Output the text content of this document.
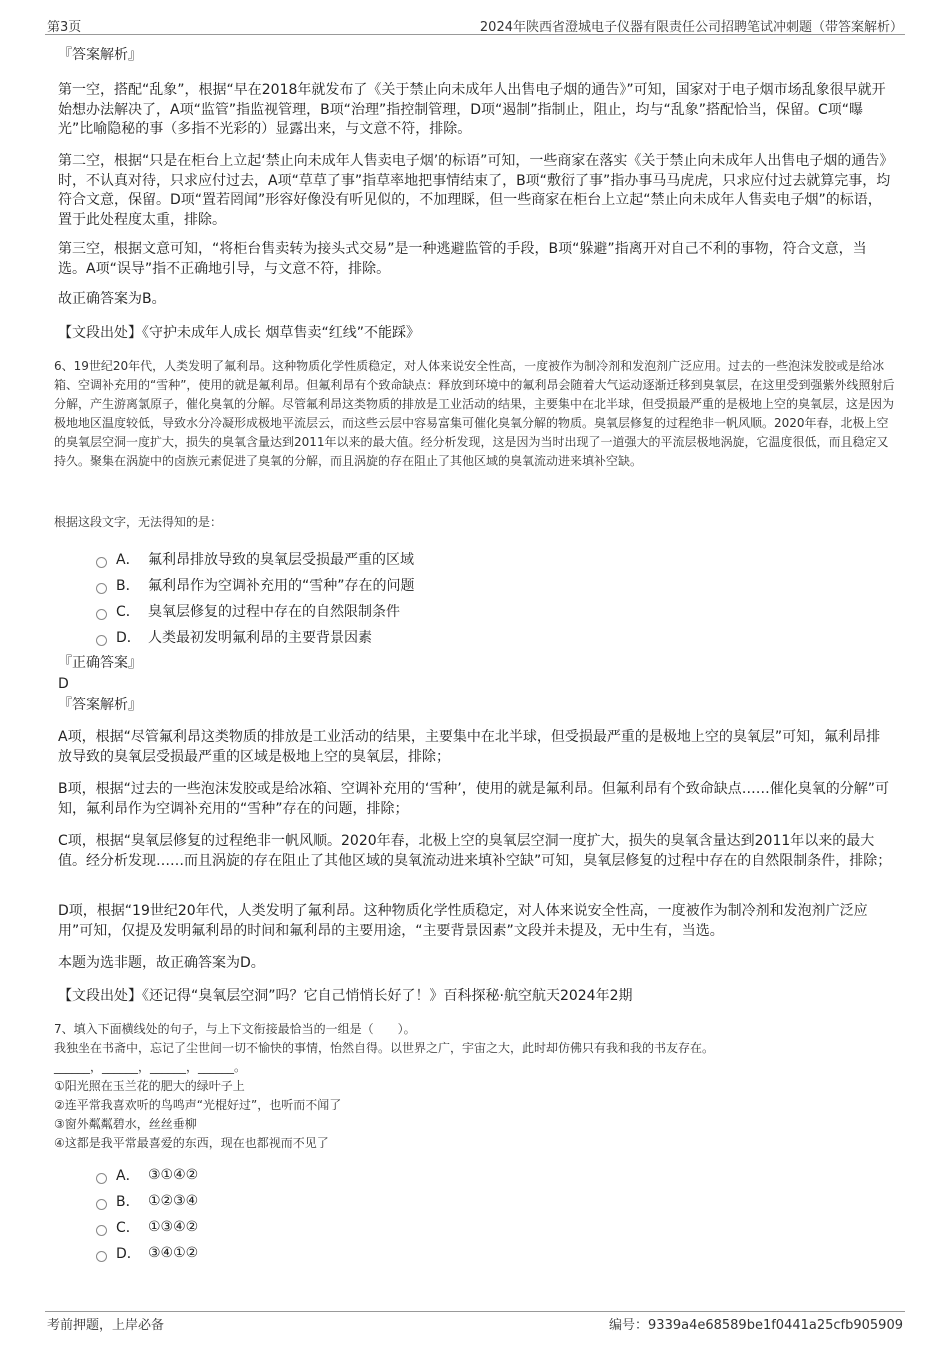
第3页	2024年陕西省澄城电子仪器有限责任公司招聘笔试冲刺题（带答案解析）
『答案解析』

第一空，搭配“乱象”，根据“早在2018年就发布了《关于禁止向未成年人出售电子烟的通告》”可知，国家对于电子烟市场乱象很早就开始想办法解决了，A项“监管”指监视管理，B项“治理”指控制管理，D项“遏制”指制止，阻止，均与“乱象”搭配恰当，保留。C项“曝光”比喻隐秘的事（多指不光彩的）显露出来，与文意不符，排除。

第二空，根据“只是在柜台上立起‘禁止向未成年人售卖电子烟’的标语”可知，一些商家在落实《关于禁止向未成年人出售电子烟的通告》时，不认真对待，只求应付过去，A项“草草了事”指草率地把事情结束了，B项“敷衍了事”指办事马马虎虎，只求应付过去就算完事，均符合文意，保留。D项“置若罔闻”形容好像没有听见似的，不加理睬，但一些商家在柜台上立起“禁止向未成年人售卖电子烟”的标语，置于此处程度太重，排除。

第三空，根据文意可知，“将柜台售卖转为接头式交易”是一种逃避监管的手段，B项“躲避”指离开对自己不利的事物，符合文意，当选。A项“误导”指不正确地引导，与文意不符，排除。

故正确答案为B。

【文段出处】《守护未成年人成长 烟草售卖“红线”不能踩》

6、19世纪20年代，人类发明了氟利昂。这种物质化学性质稳定，对人体来说安全性高，一度被作为制冷剂和发泡剂广泛应用。过去的一些泡沫发胶或是给冰箱、空调补充用的“雪种”，使用的就是氟利昂。但氟利昂有个致命缺点：释放到环境中的氟利昂会随着大气运动逐渐迁移到臭氧层，在这里受到强紫外线照射后分解，产生游离氯原子，催化臭氧的分解。尽管氟利昂这类物质的排放是工业活动的结果，主要集中在北半球，但受损最严重的是极地上空的臭氧层，这是因为极地地区温度较低，导致水分冷凝形成极地平流层云，而这些云层中容易富集可催化臭氧分解的物质。臭氧层修复的过程绝非一帆风顺。2020年春，北极上空的臭氧层空洞一度扩大，损失的臭氧含量达到2011年以来的最大值。经分析发现，这是因为当时出现了一道强大的平流层极地涡旋，它温度很低，而且稳定又持久。聚集在涡旋中的卤族元素促进了臭氧的分解，而且涡旋的存在阻止了其他区域的臭氧流动进来填补空缺。

根据这段文字，无法得知的是：

A． 氟利昂排放导致的臭氧层受损最严重的区域
B． 氟利昂作为空调补充用的“雪种”存在的问题
C． 臭氧层修复的过程中存在的自然限制条件
D． 人类最初发明氟利昂的主要背景因素
『正确答案』
D
『答案解析』

A项，根据“尽管氟利昂这类物质的排放是工业活动的结果，主要集中在北半球，但受损最严重的是极地上空的臭氧层”可知，氟利昂排放导致的臭氧层受损最严重的区域是极地上空的臭氧层，排除；

B项，根据“过去的一些泡沫发胶或是给冰箱、空调补充用的‘雪种’，使用的就是氟利昂。但氟利昂有个致命缺点……催化臭氧的分解”可知，氟利昂作为空调补充用的“雪种”存在的问题，排除；

C项，根据“臭氧层修复的过程绝非一帆风顺。2020年春，北极上空的臭氧层空洞一度扩大，损失的臭氧含量达到2011年以来的最大值。经分析发现……而且涡旋的存在阻止了其他区域的臭氧流动进来填补空缺”可知，臭氧层修复的过程中存在的自然限制条件，排除；

D项，根据“19世纪20年代，人类发明了氟利昂。这种物质化学性质稳定，对人体来说安全性高，一度被作为制冷剂和发泡剂广泛应用”可知，仅提及发明氟利昂的时间和氟利昂的主要用途，“主要背景因素”文段并未提及，无中生有，当选。

本题为选非题，故正确答案为D。

【文段出处】《还记得“臭氧层空洞”吗？它自己悄悄长好了！》百科探秘·航空航天2024年2期

7、填入下面横线处的句子，与上下文衔接最恰当的一组是（　　）。
我独坐在书斋中，忘记了尘世间一切不愉快的事情，怡然自得。以世界之广，宇宙之大，此时却仿佛只有我和我的书友存在。
______，______，______，______。
①阳光照在玉兰花的肥大的绿叶子上
②连平常我喜欢听的鸟鸣声“光棍好过”，也听而不闻了
③窗外粼粼碧水，丝丝垂柳
④这都是我平常最喜爱的东西，现在也都视而不见了
A． ③①④②
B． ①②③④
C． ①③④②
D． ③④①②
考前押题，上岸必备	编号：9339a4e68589be1f0441a25cfb905909
